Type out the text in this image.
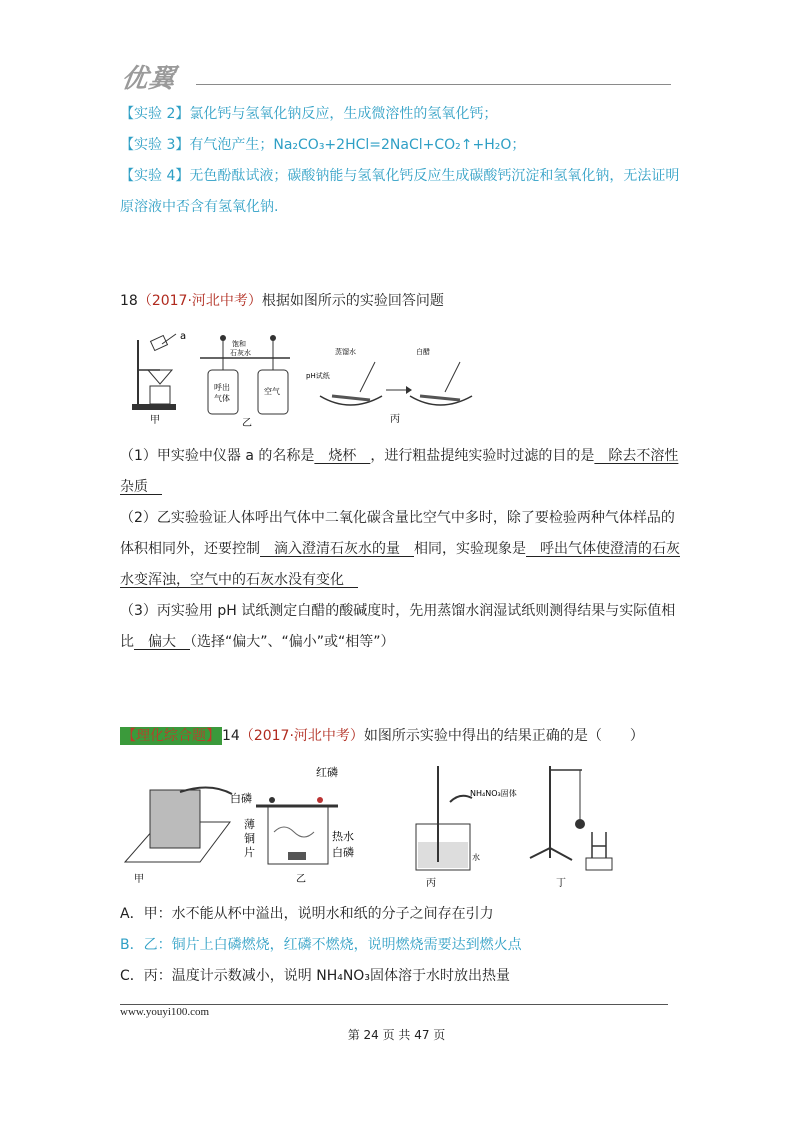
优翼
【实验 2】氯化钙与氢氧化钠反应，生成微溶性的氢氧化钙；
【实验 3】有气泡产生；Na₂CO₃+2HCl=2NaCl+CO₂↑+H₂O；
【实验 4】无色酚酞试液；碳酸钠能与氢氧化钙反应生成碳酸钙沉淀和氢氧化钠，无法证明
原溶液中否含有氢氧化钠.
18（2017·河北中考）根据如图所示的实验回答问题
a
甲
饱和
石灰水
呼出
气体
空气
乙
蒸馏水
pH试纸
白醋
丙
（1）甲实验中仪器 a 的名称是　烧杯　，进行粗盐提纯实验时过滤的目的是　除去不溶性
杂质　
（2）乙实验验证人体呼出气体中二氧化碳含量比空气中多时，除了要检验两种气体样品的
体积相同外，还要控制　滴入澄清石灰水的量　相同，实验现象是　呼出气体使澄清的石灰
水变浑浊，空气中的石灰水没有变化　
（3）丙实验用 pH 试纸测定白醋的酸碱度时，先用蒸馏水润湿试纸则测得结果与实际值相
比　偏大　（选择“偏大”、“偏小”或“相等”）
【理化综合题】 14（2017·河北中考）如图所示实验中得出的结果正确的是（　　）
甲
红磷
白磷
薄
铜
片
热水
白磷
乙
NH₄NO₃固体
水
丙	丁
A．甲：水不能从杯中溢出，说明水和纸的分子之间存在引力
B．乙：铜片上白磷燃烧，红磷不燃烧，说明燃烧需要达到燃火点
C．丙：温度计示数减小，说明 NH₄NO₃固体溶于水时放出热量
www.youyi100.com
第 24 页 共 47 页
